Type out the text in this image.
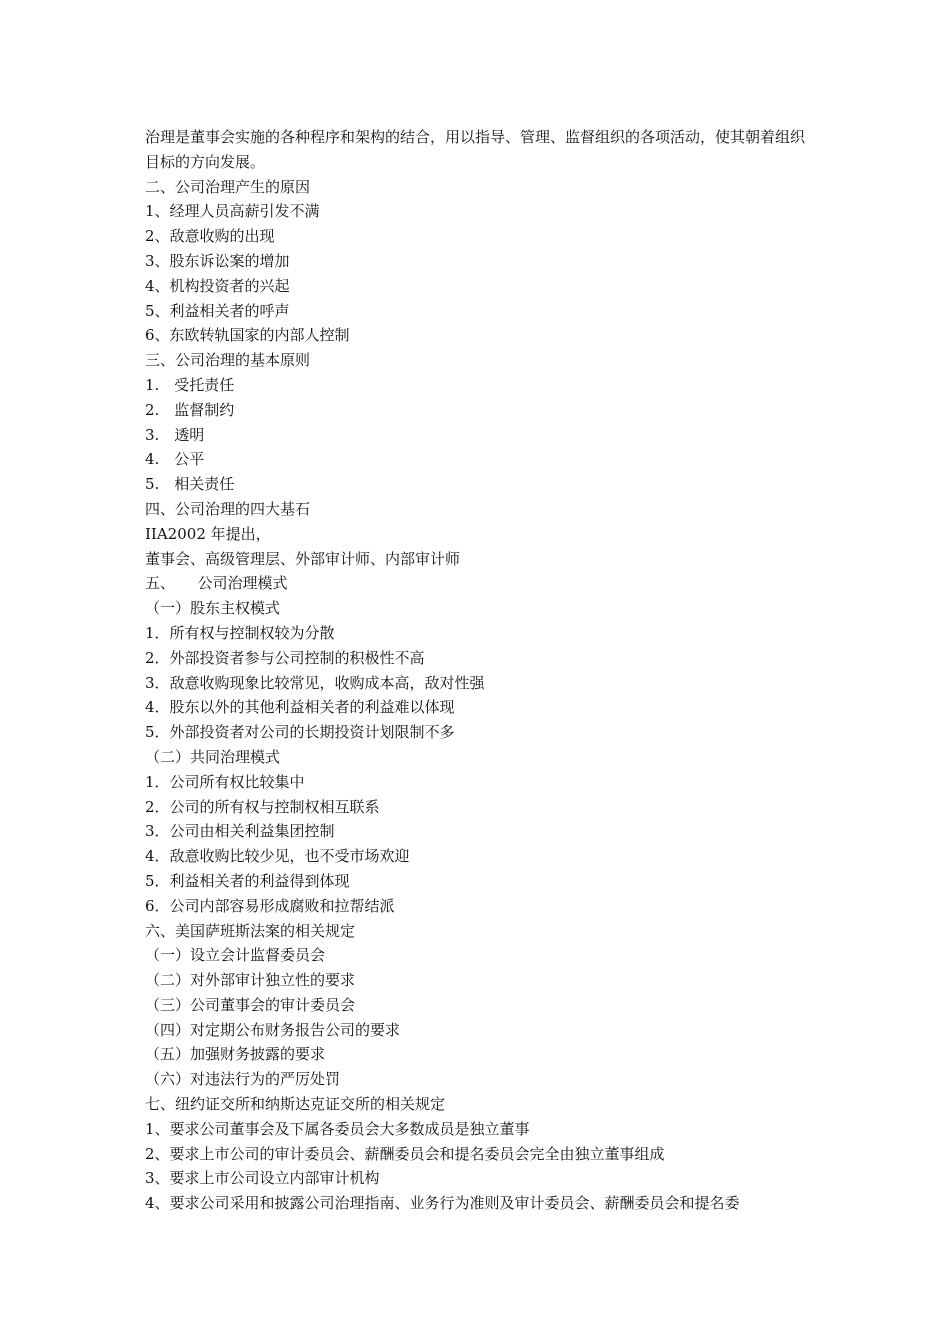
治理是董事会实施的各种程序和架构的结合，用以指导、管理、监督组织的各项活动，使其朝着组织目标的方向发展。
二、公司治理产生的原因
1、经理人员高薪引发不满
2、敌意收购的出现
3、股东诉讼案的增加
4、机构投资者的兴起
5、利益相关者的呼声
6、东欧转轨国家的内部人控制
三、公司治理的基本原则
1.　受托责任
2.　监督制约
3.　透明
4.　公平
5.　相关责任
四、公司治理的四大基石
IIA2002 年提出，
董事会、高级管理层、外部审计师、内部审计师
五、　　公司治理模式
（一）股东主权模式
1．所有权与控制权较为分散
2．外部投资者参与公司控制的积极性不高
3．敌意收购现象比较常见，收购成本高，敌对性强
4．股东以外的其他利益相关者的利益难以体现
5．外部投资者对公司的长期投资计划限制不多
（二）共同治理模式
1．公司所有权比较集中
2．公司的所有权与控制权相互联系
3．公司由相关利益集团控制
4．敌意收购比较少见，也不受市场欢迎
5．利益相关者的利益得到体现
6．公司内部容易形成腐败和拉帮结派
六、美国萨班斯法案的相关规定
（一）设立会计监督委员会
（二）对外部审计独立性的要求
（三）公司董事会的审计委员会
（四）对定期公布财务报告公司的要求
（五）加强财务披露的要求
（六）对违法行为的严厉处罚
七、纽约证交所和纳斯达克证交所的相关规定
1、要求公司董事会及下属各委员会大多数成员是独立董事
2、要求上市公司的审计委员会、薪酬委员会和提名委员会完全由独立董事组成
3、要求上市公司设立内部审计机构
4、要求公司采用和披露公司治理指南、业务行为准则及审计委员会、薪酬委员会和提名委
